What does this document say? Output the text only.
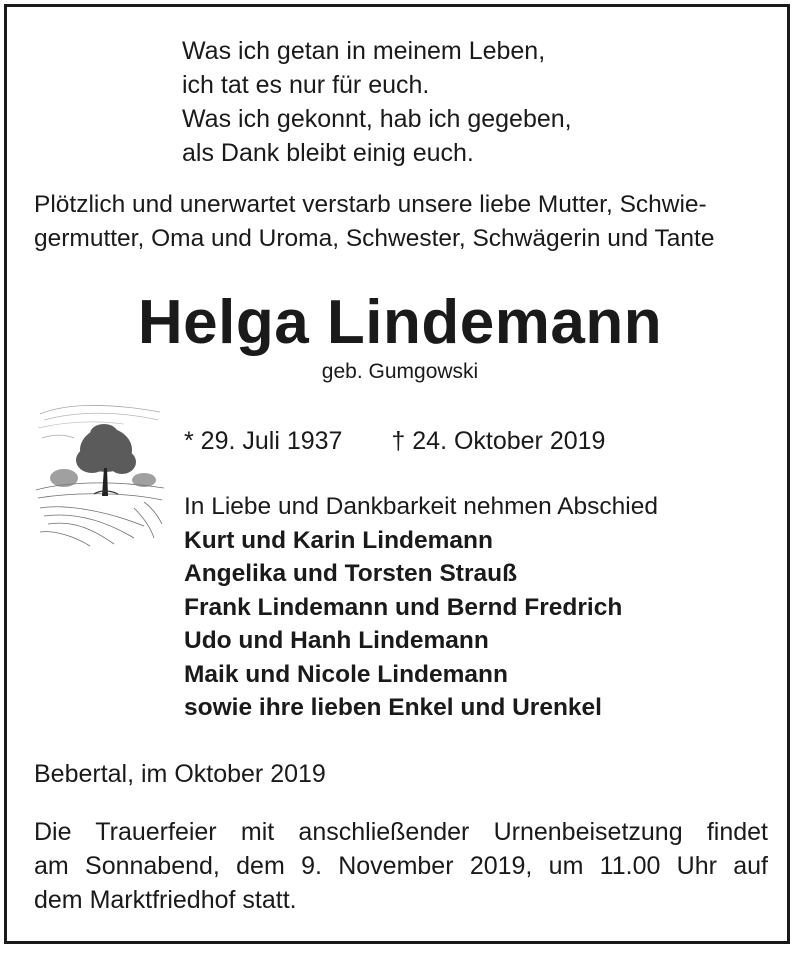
Was ich getan in meinem Leben,
ich tat es nur für euch.
Was ich gekonnt, hab ich gegeben,
als Dank bleibt einig euch.
Plötzlich und unerwartet verstarb unsere liebe Mutter, Schwie-
germutter, Oma und Uroma, Schwester, Schwägerin und Tante
Helga Lindemann
geb. Gumgowski
* 29. Juli 1937 † 24. Oktober 2019
In Liebe und Dankbarkeit nehmen Abschied
Kurt und Karin Lindemann
Angelika und Torsten Strauß
Frank Lindemann und Bernd Fredrich
Udo und Hanh Lindemann
Maik und Nicole Lindemann
sowie ihre lieben Enkel und Urenkel
Bebertal, im Oktober 2019
Die Trauerfeier mit anschließender Urnenbeisetzung findet
am Sonnabend, dem 9. November 2019, um 11.00 Uhr auf
dem Marktfriedhof statt.
